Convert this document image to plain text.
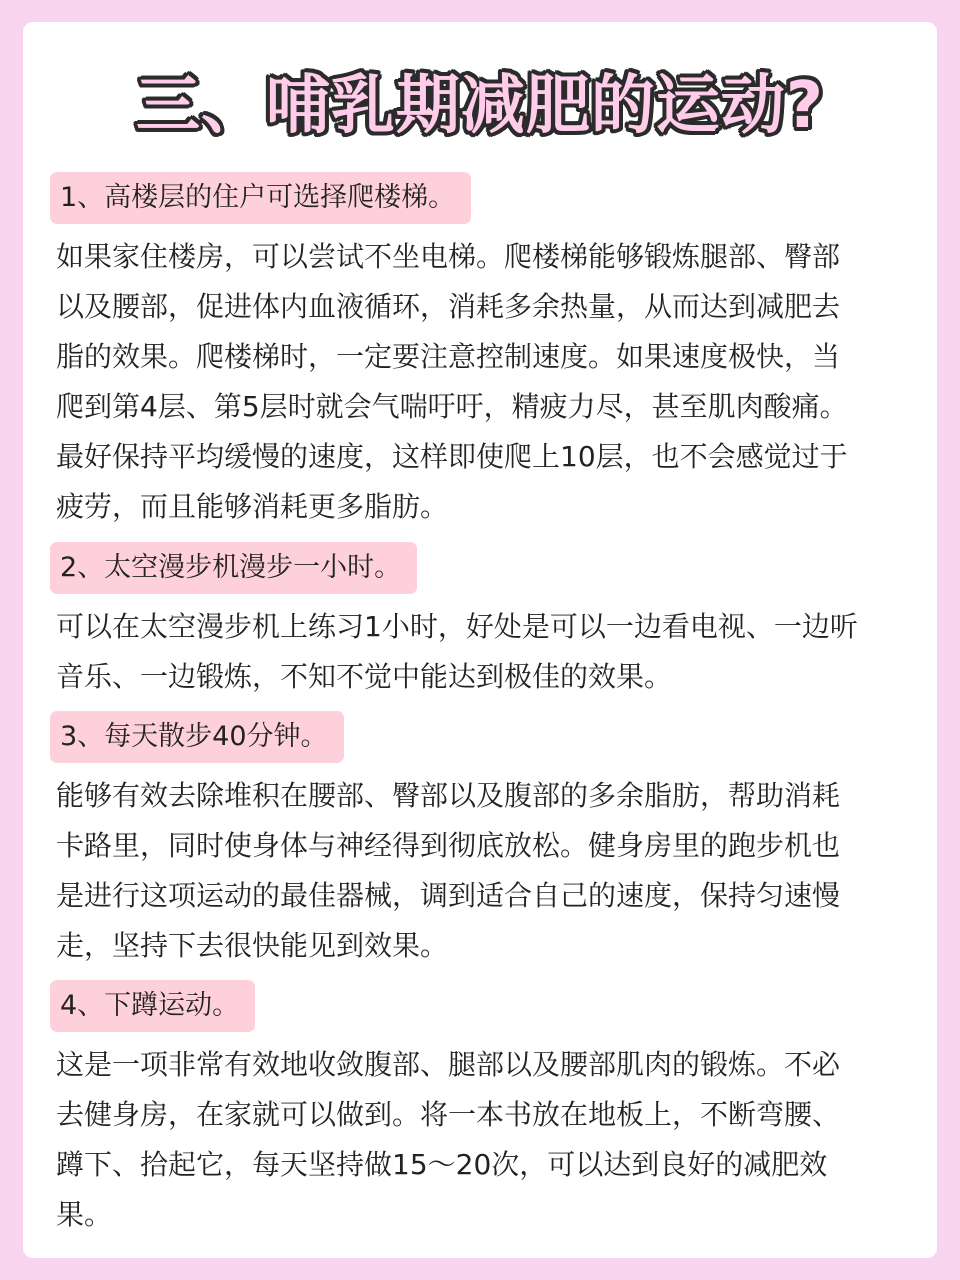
三、哺乳期减肥的运动?
1、高楼层的住户可选择爬楼梯。
如果家住楼房，可以尝试不坐电梯。爬楼梯能够锻炼腿部、臀部
以及腰部，促进体内血液循环，消耗多余热量，从而达到减肥去
脂的效果。爬楼梯时，一定要注意控制速度。如果速度极快，当
爬到第4层、第5层时就会气喘吁吁，精疲力尽，甚至肌肉酸痛。
最好保持平均缓慢的速度，这样即使爬上10层，也不会感觉过于
疲劳，而且能够消耗更多脂肪。
2、太空漫步机漫步一小时。
可以在太空漫步机上练习1小时，好处是可以一边看电视、一边听
音乐、一边锻炼，不知不觉中能达到极佳的效果。
3、每天散步40分钟。
能够有效去除堆积在腰部、臀部以及腹部的多余脂肪，帮助消耗
卡路里，同时使身体与神经得到彻底放松。健身房里的跑步机也
是进行这项运动的最佳器械，调到适合自己的速度，保持匀速慢
走，坚持下去很快能见到效果。
4、下蹲运动。
这是一项非常有效地收敛腹部、腿部以及腰部肌肉的锻炼。不必
去健身房，在家就可以做到。将一本书放在地板上，不断弯腰、
蹲下、拾起它，每天坚持做15～20次，可以达到良好的减肥效
果。
